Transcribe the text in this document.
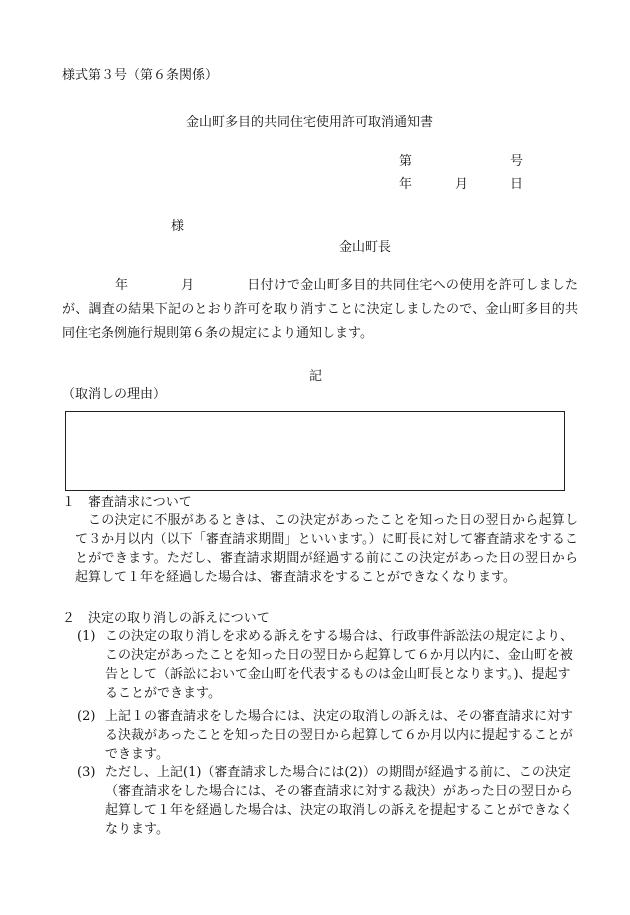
様式第３号（第６条関係）
金山町多目的共同住宅使用許可取消通知書
第	号
年	月	日
様
金山町長
　　　　年　　　　月　　　　日付けで金山町多目的共同住宅への使用を許可しましたが、調査の結果下記のとおり許可を取り消すことに決定しましたので、金山町多目的共同住宅条例施行規則第６条の規定により通知します。
記
（取消しの理由）
１　審査請求について
この決定に不服があるときは、この決定があったことを知った日の翌日から起算して３か月以内（以下「審査請求期間」といいます。）に町長に対して審査請求をすることができます。ただし、審査請求期間が経過する前にこの決定があった日の翌日から起算して１年を経過した場合は、審査請求をすることができなくなります。
２　決定の取り消しの訴えについて
(1) この決定の取り消しを求める訴えをする場合は、行政事件訴訟法の規定により、この決定があったことを知った日の翌日から起算して６か月以内に、金山町を被告として（訴訟において金山町を代表するものは金山町長となります。)、提起することができます。
(2) 上記１の審査請求をした場合には、決定の取消しの訴えは、その審査請求に対する決裁があったことを知った日の翌日から起算して６か月以内に提起することができます。
(3) ただし、上記(1)（審査請求した場合には(2)）の期間が経過する前に、この決定（審査請求をした場合には、その審査請求に対する裁決）があった日の翌日から起算して１年を経過した場合は、決定の取消しの訴えを提起することができなくなります。
